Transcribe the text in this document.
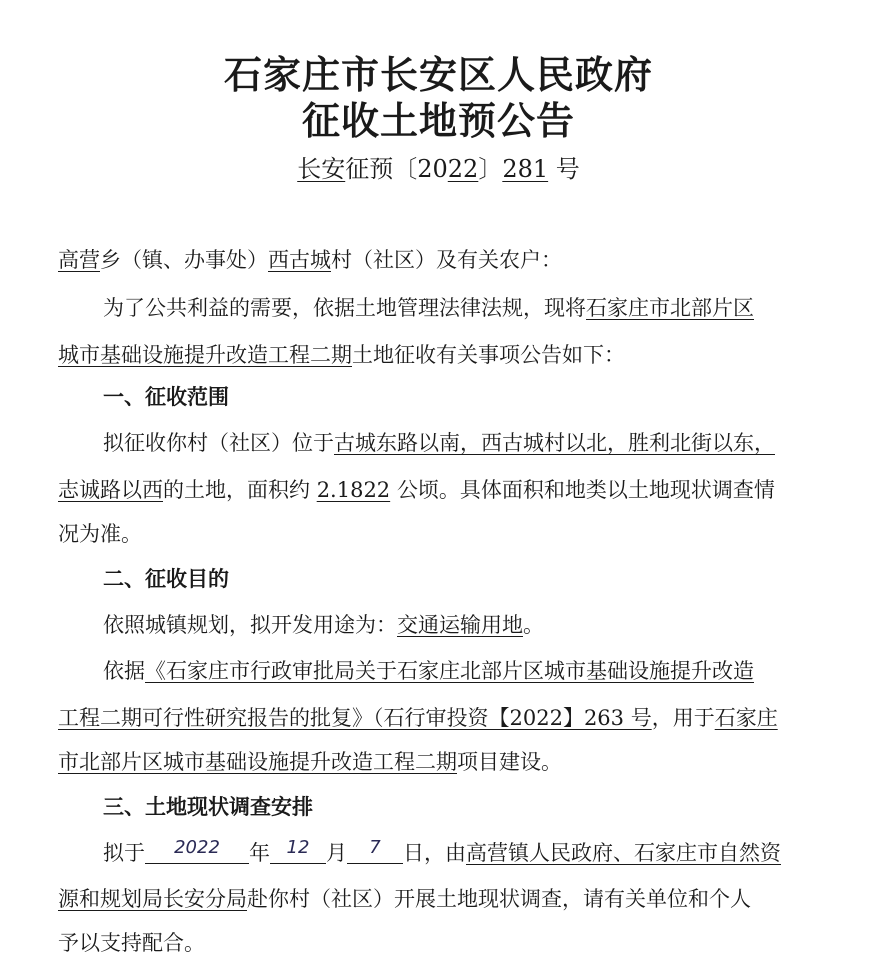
石家庄市长安区人民政府
征收土地预公告
长安征预〔2022〕281 号
高营乡（镇、办事处）西古城村（社区）及有关农户：
为了公共利益的需要，依据土地管理法律法规，现将石家庄市北部片区
城市基础设施提升改造工程二期土地征收有关事项公告如下：
一、征收范围
拟征收你村（社区）位于古城东路以南，西古城村以北，胜利北街以东，
志诚路以西的土地，面积约 2.1822 公顷。具体面积和地类以土地现状调查情
况为准。
二、征收目的
依照城镇规划，拟开发用途为：交通运输用地。
依据《石家庄市行政审批局关于石家庄北部片区城市基础设施提升改造
工程二期可行性研究报告的批复》（石行审投资【2022】263 号，用于石家庄
市北部片区城市基础设施提升改造工程二期项目建设。
三、土地现状调查安排
拟于	2022	年 12 月	7	日，由高营镇人民政府、石家庄市自然资
源和规划局长安分局赴你村（社区）开展土地现状调查，请有关单位和个人
予以支持配合。
